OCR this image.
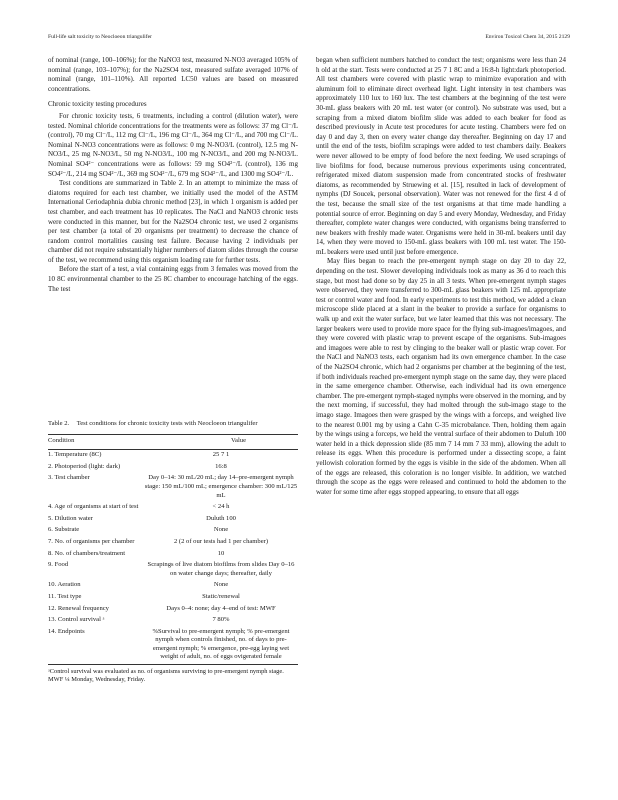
Full-life salt toxicity to Neocloeon triangulifer	Environ Toxicol Chem 34, 2015 2129

of nominal (range, 100–106%); for the NaNO3 test, measured N-NO3 averaged 105% of nominal (range, 103–107%); for the Na2SO4 test, measured sulfate averaged 107% of nominal (range, 101–110%). All reported LC50 values are based on measured concentrations.

Chronic toxicity testing procedures

For chronic toxicity tests, 6 treatments, including a control (dilution water), were tested. Nominal chloride concentrations for the treatments were as follows: 37 mg Cl⁻/L (control), 70 mg Cl⁻/L, 112 mg Cl⁻/L, 196 mg Cl⁻/L, 364 mg Cl⁻/L, and 700 mg Cl⁻/L. Nominal N-NO3 concentrations were as follows: 0 mg N-NO3/L (control), 12.5 mg N-NO3/L, 25 mg N-NO3/L, 50 mg N-NO3/L, 100 mg N-NO3/L, and 200 mg N-NO3/L. Nominal SO4²⁻ concentrations were as follows: 59 mg SO4²⁻/L (control), 136 mg SO4²⁻/L, 214 mg SO4²⁻/L, 369 mg SO4²⁻/L, 679 mg SO4²⁻/L, and 1300 mg SO4²⁻/L.

Test conditions are summarized in Table 2. In an attempt to minimize the mass of diatoms required for each test chamber, we initially used the model of the ASTM International Ceriodaphnia dubia chronic method [23], in which 1 organism is added per test chamber, and each treatment has 10 replicates. The NaCl and NaNO3 chronic tests were conducted in this manner, but for the Na2SO4 chronic test, we used 2 organisms per test chamber (a total of 20 organisms per treatment) to decrease the chance of random control mortalities causing test failure. Because having 2 individuals per chamber did not require substantially higher numbers of diatom slides through the course of the test, we recommend using this organism loading rate for further tests.

Before the start of a test, a vial containing eggs from 3 females was moved from the 10 8C environmental chamber to the 25 8C chamber to encourage hatching of the eggs. The test

Table 2. Test conditions for chronic toxicity tests with Neocloeon triangulifer
Condition	Value
1. Temperature (8C)	25 7 1
2. Photoperiod (light: dark)	16:8
3. Test chamber	Day 0–14: 30 mL/20 mL; day 14–pre-emergent nymph stage: 150 mL/100 mL; emergence chamber: 300 mL/125 mL
4. Age of organisms at start of test	< 24 h
5. Dilution water	Duluth 100
6. Substrate	None
7. No. of organisms per chamber	2 (2 of our tests had 1 per chamber)
8. No. of chambers/treatment	10
9. Food	Scrapings of live diatom biofilms from slides Day 0–16 on water change days; thereafter, daily
10. Aeration	None
11. Test type	Static/renewal
12. Renewal frequency	Days 0–4: none; day 4–end of test: MWF
13. Control survival ᵃ	7 80%
14. Endpoints	%Survival to pre-emergent nymph; % pre-emergent nymph when controls finished, no. of days to pre-emergent nymph; % emergence, pre-egg laying wet weight of adult, no. of eggs ovigerated female
ᵃControl survival was evaluated as no. of organisms surviving to pre-emergent nymph stage.
MWF ¼ Monday, Wednesday, Friday.

began when sufficient numbers hatched to conduct the test; organisms were less than 24 h old at the start. Tests were conducted at 25 7 1 8C and a 16:8-h light:dark photoperiod. All test chambers were covered with plastic wrap to minimize evaporation and with aluminum foil to eliminate direct overhead light. Light intensity in test chambers was approximately 110 lux to 160 lux. The test chambers at the beginning of the test were 30-mL glass beakers with 20 mL test water (or control). No substrate was used, but a scraping from a mixed diatom biofilm slide was added to each beaker for food as described previously in Acute test procedures for acute testing. Chambers were fed on day 0 and day 3, then on every water change day thereafter. Beginning on day 17 and until the end of the tests, biofilm scrapings were added to test chambers daily. Beakers were never allowed to be empty of food before the next feeding. We used scrapings of live biofilms for food, because numerous previous experiments using concentrated, refrigerated mixed diatom suspension made from concentrated stocks of freshwater diatoms, as recommended by Struewing et al. [15], resulted in lack of development of nymphs (DJ Soucek, personal observation). Water was not renewed for the first 4 d of the test, because the small size of the test organisms at that time made handling a potential source of error. Beginning on day 5 and every Monday, Wednesday, and Friday thereafter, complete water changes were conducted, with organisms being transferred to new beakers with freshly made water. Organisms were held in 30-mL beakers until day 14, when they were moved to 150-mL glass beakers with 100 mL test water. The 150-mL beakers were used until just before emergence.

May flies began to reach the pre-emergent nymph stage on day 20 to day 22, depending on the test. Slower developing individuals took as many as 36 d to reach this stage, but most had done so by day 25 in all 3 tests. When pre-emergent nymph stages were observed, they were transferred to 300-mL glass beakers with 125 mL appropriate test or control water and food. In early experiments to test this method, we added a clean microscope slide placed at a slant in the beaker to provide a surface for organisms to walk up and exit the water surface, but we later learned that this was not necessary. The larger beakers were used to provide more space for the flying sub-imagoes/imagoes, and they were covered with plastic wrap to prevent escape of the organisms. Sub-imagoes and imagoes were able to rest by clinging to the beaker wall or plastic wrap cover. For the NaCl and NaNO3 tests, each organism had its own emergence chamber. In the case of the Na2SO4 chronic, which had 2 organisms per chamber at the beginning of the test, if both individuals reached pre-emergent nymph stage on the same day, they were placed in the same emergence chamber. Otherwise, each individual had its own emergence chamber. The pre-emergent nymph-staged nymphs were observed in the morning, and by the next morning, if successful, they had molted through the sub-imago stage to the imago stage. Imagoes then were grasped by the wings with a forceps, and weighed live to the nearest 0.001 mg by using a Cahn C-35 microbalance. Then, holding them again by the wings using a forceps, we held the ventral surface of their abdomen to Duluth 100 water held in a thick depression slide (85 mm 7 14 mm 7 33 mm), allowing the adult to release its eggs. When this procedure is performed under a dissecting scope, a faint yellowish coloration formed by the eggs is visible in the side of the abdomen. When all of the eggs are released, this coloration is no longer visible. In addition, we watched through the scope as the eggs were released and continued to hold the abdomen to the water for some time after eggs stopped appearing, to ensure that all eggs
